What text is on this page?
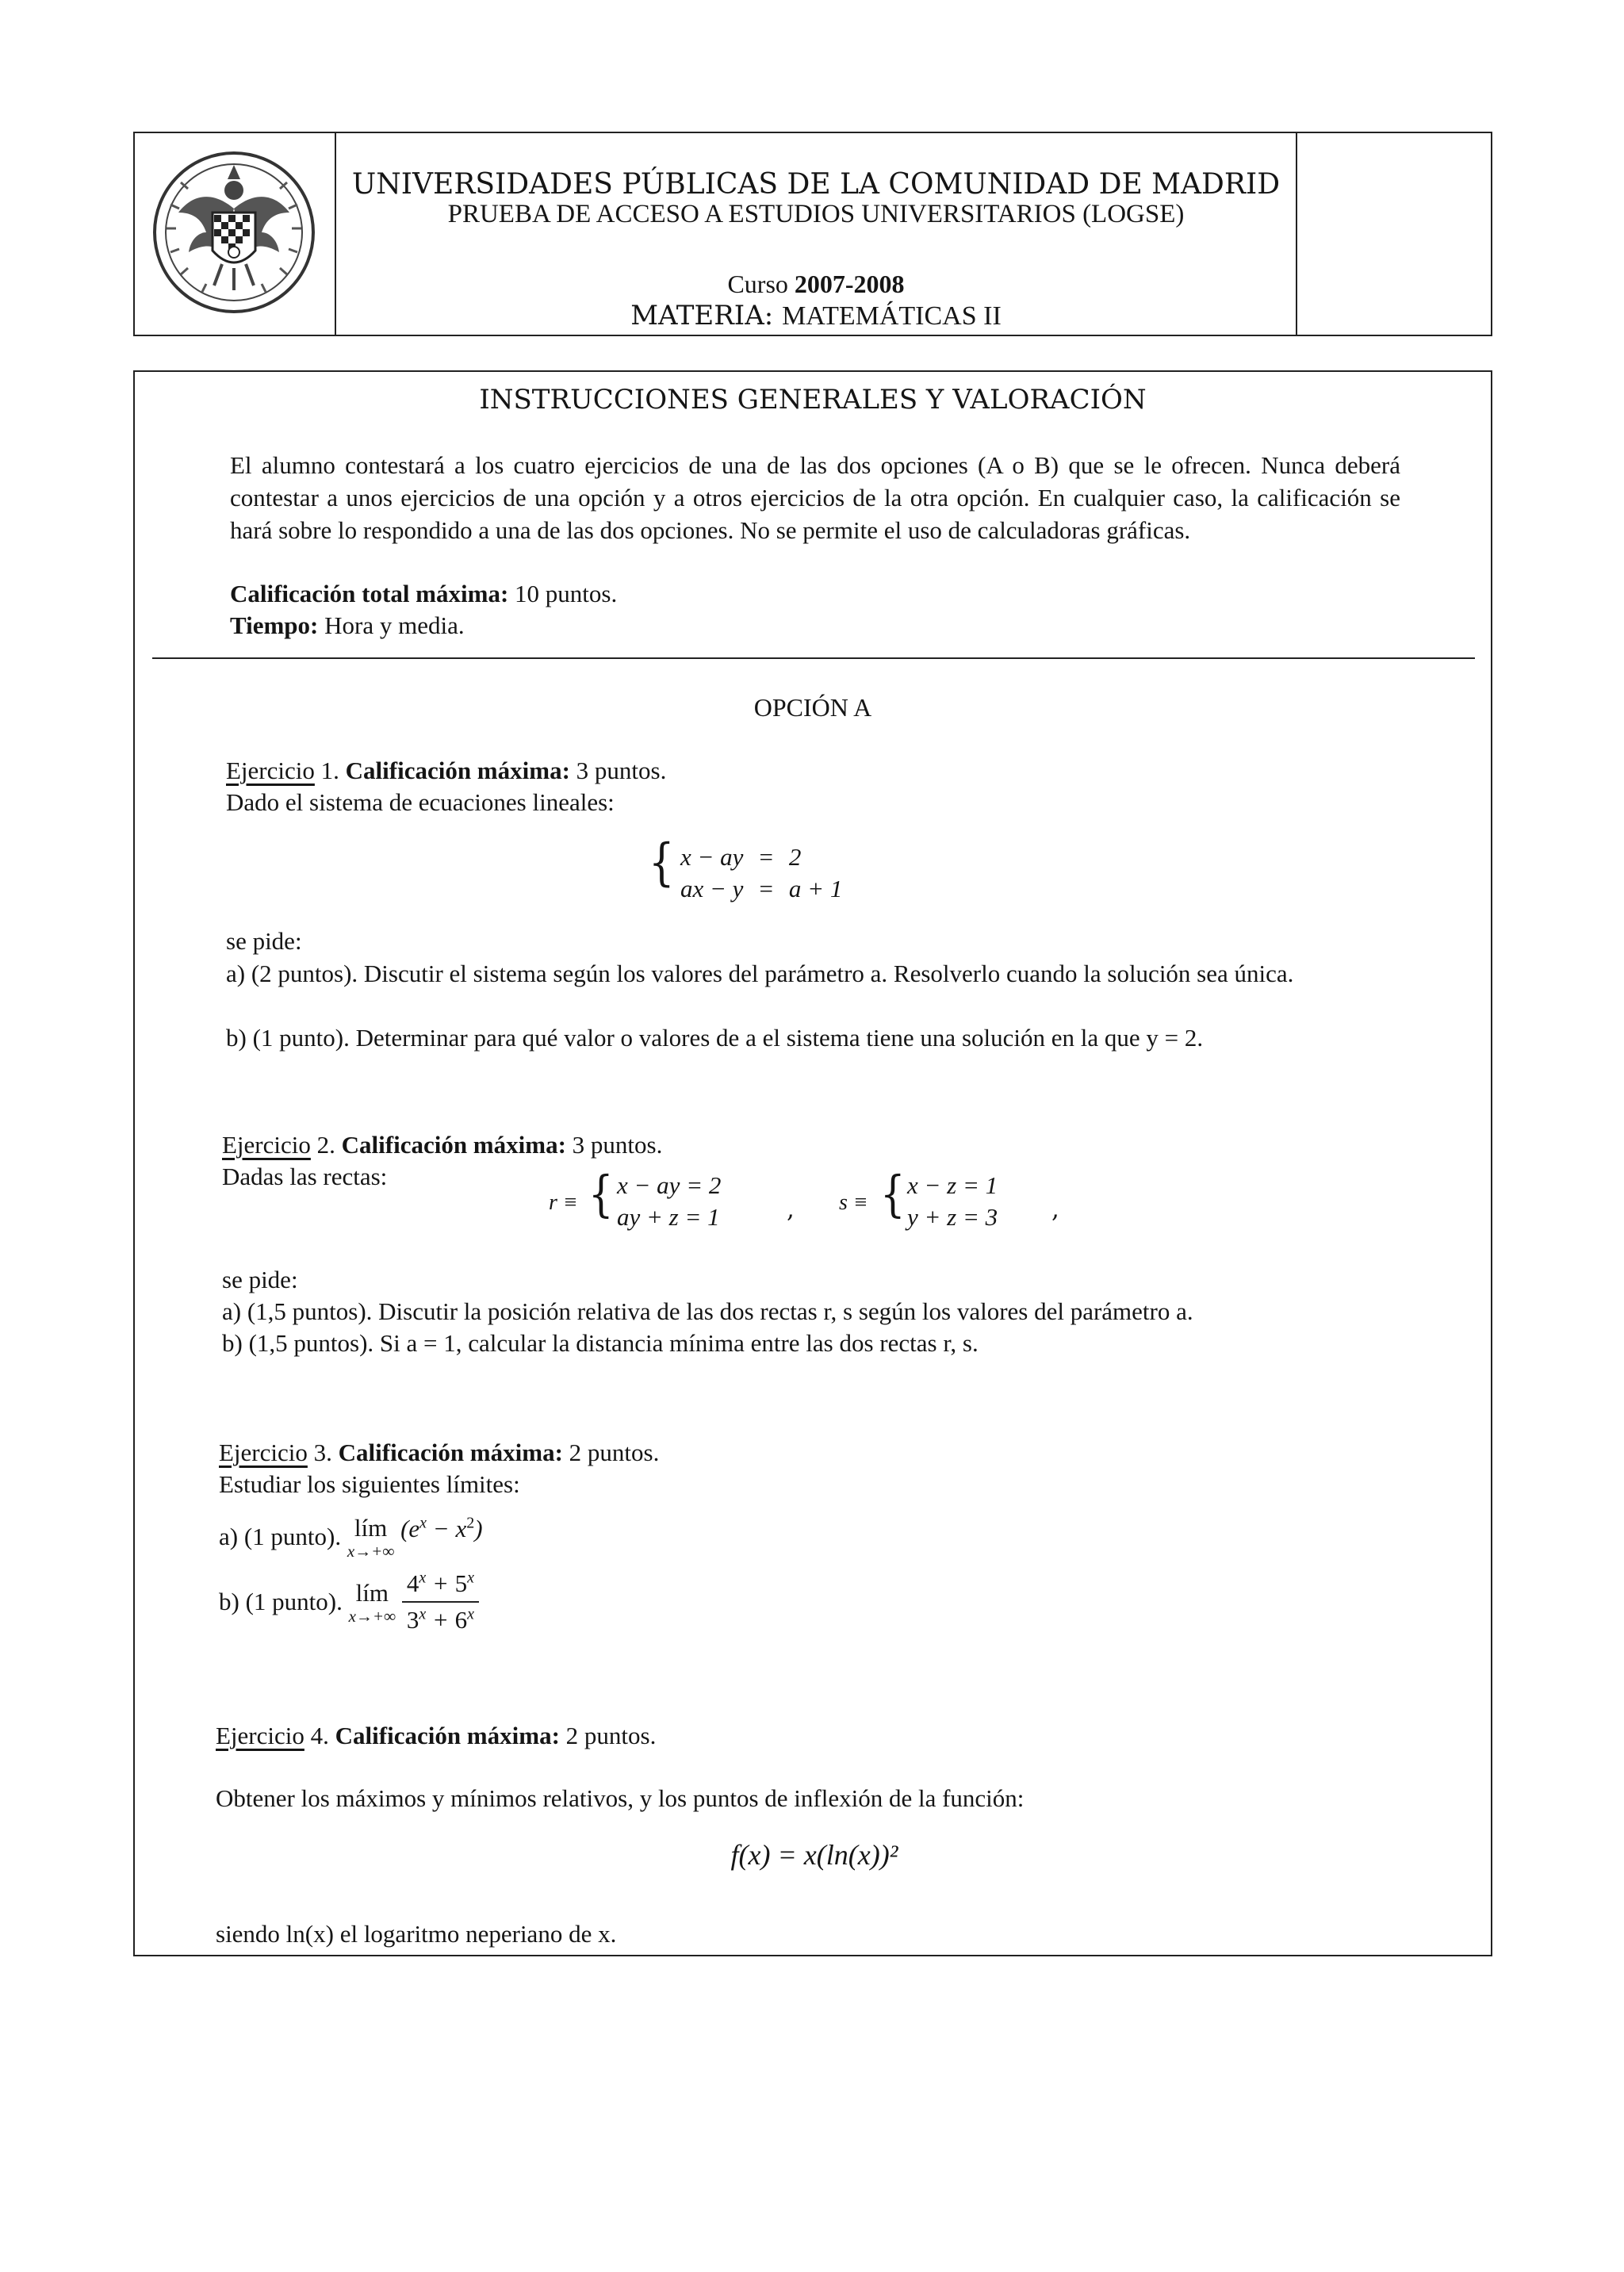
UNIVERSIDADES PÚBLICAS DE LA COMUNIDAD DE MADRID
PRUEBA DE ACCESO A ESTUDIOS UNIVERSITARIOS (LOGSE)
Curso 2007-2008
MATERIA: MATEMÁTICAS II
INSTRUCCIONES GENERALES Y VALORACIÓN
El alumno contestará a los cuatro ejercicios de una de las dos opciones (A o B) que se le ofrecen. Nunca deberá contestar a unos ejercicios de una opción y a otros ejercicios de la otra opción. En cualquier caso, la calificación se hará sobre lo respondido a una de las dos opciones. No se permite el uso de calculadoras gráficas.
Calificación total máxima: 10 puntos.
Tiempo: Hora y media.
OPCIÓN A
Ejercicio 1. Calificación máxima: 3 puntos.
Dado el sistema de ecuaciones lineales:
{ x − ay	=	2
ax − y	=	a + 1
se pide:
a) (2 puntos). Discutir el sistema según los valores del parámetro a. Resolverlo cuando la solución sea única.
b) (1 punto). Determinar para qué valor o valores de a el sistema tiene una solución en la que y = 2.
Ejercicio 2. Calificación máxima: 3 puntos.
Dadas las rectas:
r ≡ { x − ay = 2
ay + z = 1	, s ≡ { x − z = 1
y + z = 3 ,
se pide:
a) (1,5 puntos). Discutir la posición relativa de las dos rectas r, s según los valores del parámetro a.
b) (1,5 puntos). Si a = 1, calcular la distancia mínima entre las dos rectas r, s.
Ejercicio 3. Calificación máxima: 2 puntos.
Estudiar los siguientes límites:
a) (1 punto). lím
x→+∞
$(e^x - x^2)$
b) (1 punto). lím
x→+∞
$\frac{4^x + 5^x}{3^x + 6^x}$
Ejercicio 4. Calificación máxima: 2 puntos.
Obtener los máximos y mínimos relativos, y los puntos de inflexión de la función:
f(x) = x(ln(x))²
siendo ln(x) el logaritmo neperiano de x.
